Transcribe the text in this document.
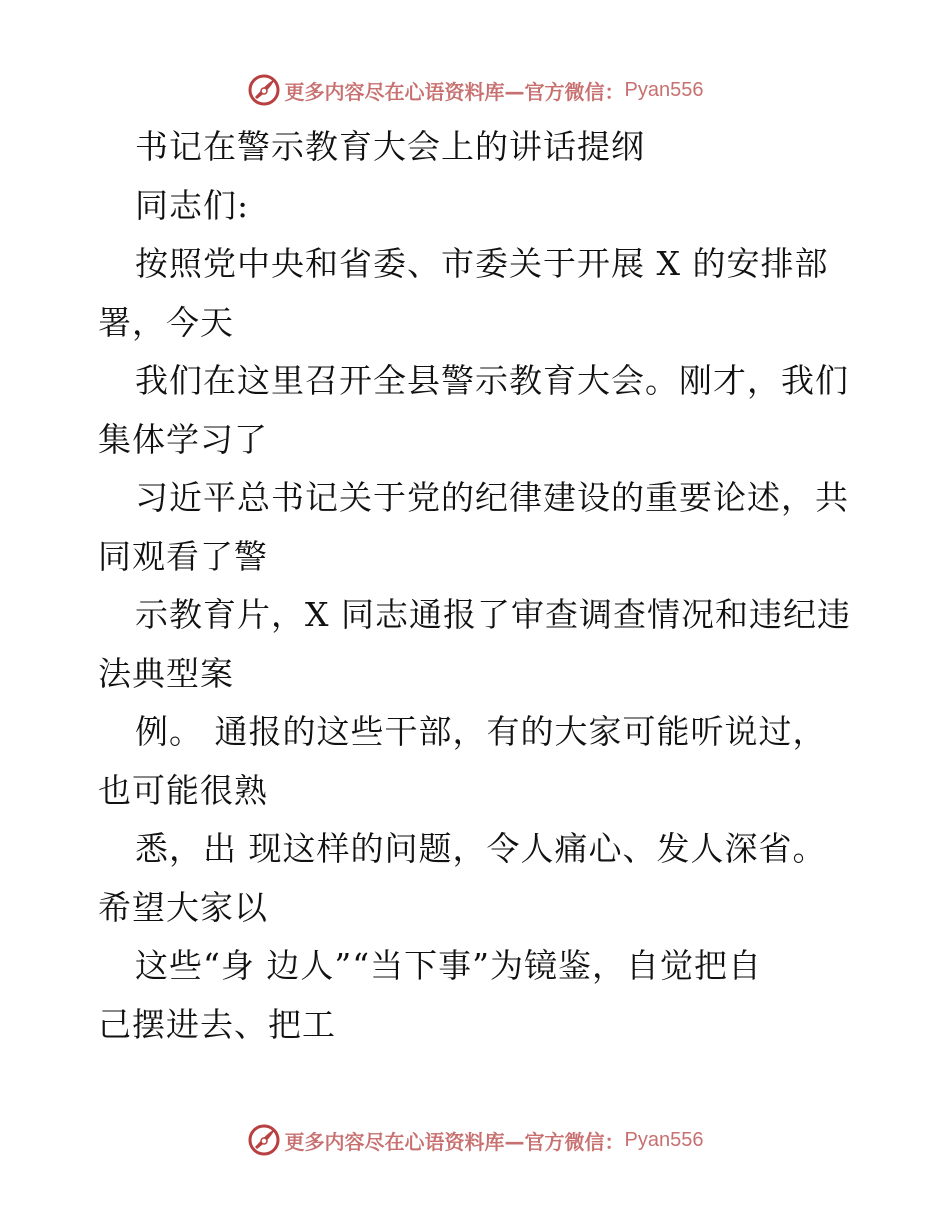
更多内容尽在心语资料库—官方微信： Pyan556
书记在警示教育大会上的讲话提纲
同志们:
按照党中央和省委、市委关于开展 X 的安排部
署，今天
我们在这里召开全县警示教育大会。刚才，我们
集体学习了
习近平总书记关于党的纪律建设的重要论述，共
同观看了警
示教育片，X 同志通报了审查调查情况和违纪违
法典型案
例。 通报的这些干部，有的大家可能听说过，
也可能很熟
悉，出 现这样的问题，令人痛心、发人深省。
希望大家以
这些“身 边人”“当下事”为镜鉴，自觉把自
己摆进去、把工
更多内容尽在心语资料库—官方微信： Pyan556
